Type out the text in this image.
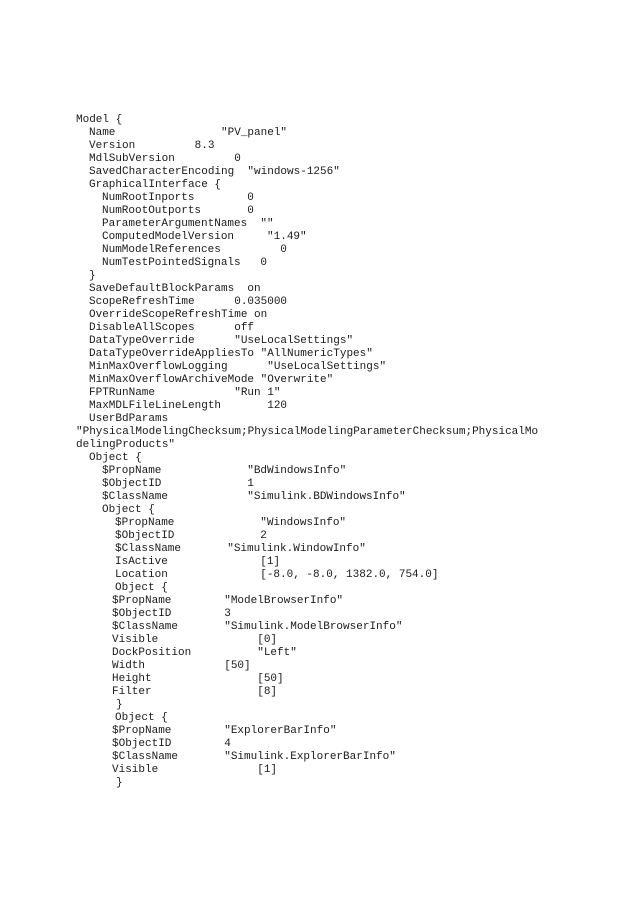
Model {
Name                "PV_panel"
Version         8.3
MdlSubVersion         0
SavedCharacterEncoding  "windows-1256"
GraphicalInterface {
NumRootInports        0
NumRootOutports       0
ParameterArgumentNames  ""
ComputedModelVersion     "1.49"
NumModelReferences         0
NumTestPointedSignals   0
}
SaveDefaultBlockParams  on
ScopeRefreshTime      0.035000
OverrideScopeRefreshTime on
DisableAllScopes      off
DataTypeOverride      "UseLocalSettings"
DataTypeOverrideAppliesTo "AllNumericTypes"
MinMaxOverflowLogging      "UseLocalSettings"
MinMaxOverflowArchiveMode "Overwrite"
FPTRunName            "Run 1"
MaxMDLFileLineLength       120
UserBdParams
"PhysicalModelingChecksum;PhysicalModelingParameterChecksum;PhysicalMo
delingProducts"
Object {
$PropName             "BdWindowsInfo"
$ObjectID             1
$ClassName            "Simulink.BDWindowsInfo"
Object {
$PropName             "WindowsInfo"
$ObjectID             2
$ClassName       "Simulink.WindowInfo"
IsActive              [1]
Location              [-8.0, -8.0, 1382.0, 754.0]
Object {
$PropName        "ModelBrowserInfo"
$ObjectID        3
$ClassName       "Simulink.ModelBrowserInfo"
Visible               [0]
DockPosition          "Left"
Width            [50]
Height                [50]
Filter                [8]
}
Object {
$PropName        "ExplorerBarInfo"
$ObjectID        4
$ClassName       "Simulink.ExplorerBarInfo"
Visible               [1]
}
